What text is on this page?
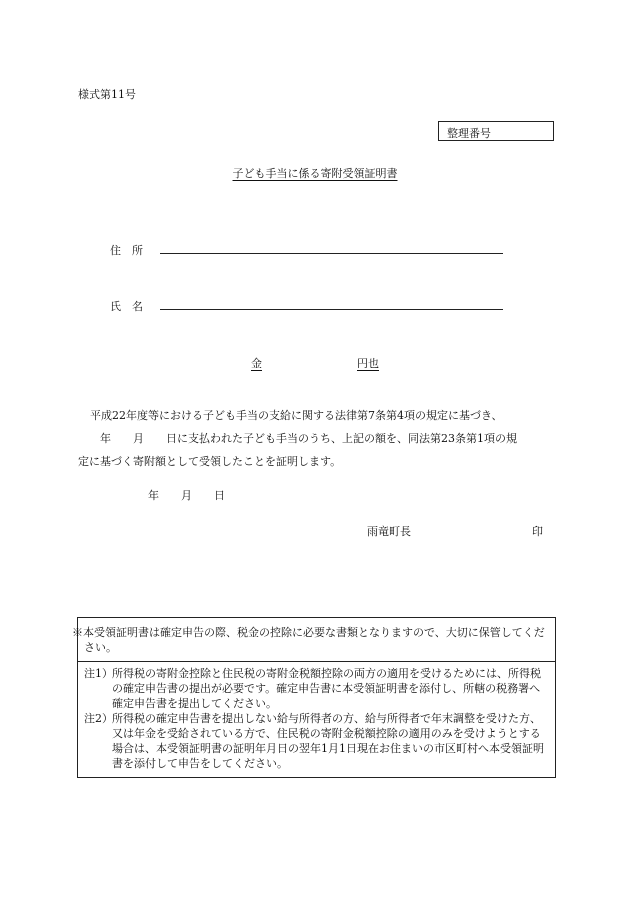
様式第11号
整理番号
子ども手当に係る寄附受領証明書
住　所
氏　名
金	円也

平成22年度等における子ども手当の支給に関する法律第7条第4項の規定に基づき、

年　　月　　日に支払われた子ども手当のうち、上記の額を、同法第23条第1項の規

定に基づく寄附額として受領したことを証明します。

年　　月　　日
雨竜町長	印
※本受領証明書は確定申告の際、税金の控除に必要な書類となりますので、大切に保管してください。
注1） 所得税の寄附金控除と住民税の寄附金税額控除の両方の適用を受けるためには、所得税の確定申告書の提出が必要です。確定申告書に本受領証明書を添付し、所轄の税務署へ確定申告書を提出してください。
注2） 所得税の確定申告書を提出しない給与所得者の方、給与所得者で年末調整を受けた方、又は年金を受給されている方で、住民税の寄附金税額控除の適用のみを受けようとする場合は、本受領証明書の証明年月日の翌年1月1日現在お住まいの市区町村へ本受領証明書を添付して申告をしてください。
